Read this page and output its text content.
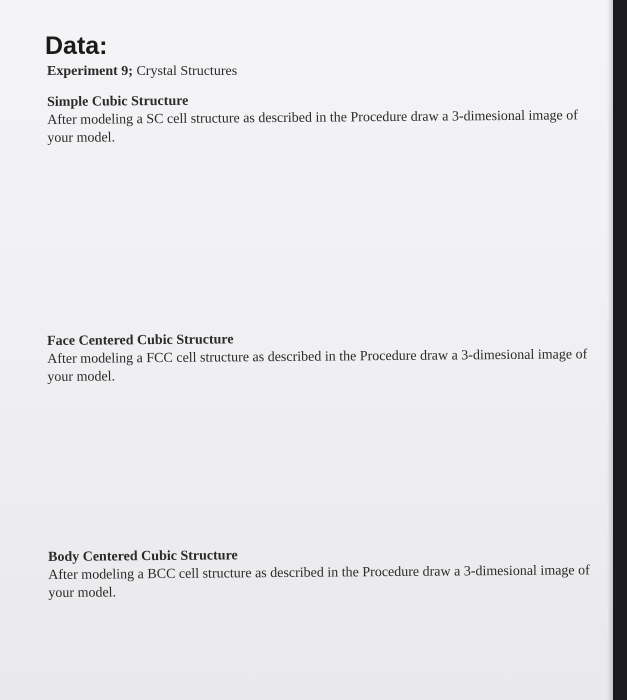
Data:
Experiment 9; Crystal Structures
Simple Cubic Structure
After modeling a SC cell structure as described in the Procedure draw a 3-dimesional image of your model.
Face Centered Cubic Structure
After modeling a FCC cell structure as described in the Procedure draw a 3-dimesional image of your model.
Body Centered Cubic Structure
After modeling a BCC cell structure as described in the Procedure draw a 3-dimesional image of your model.
